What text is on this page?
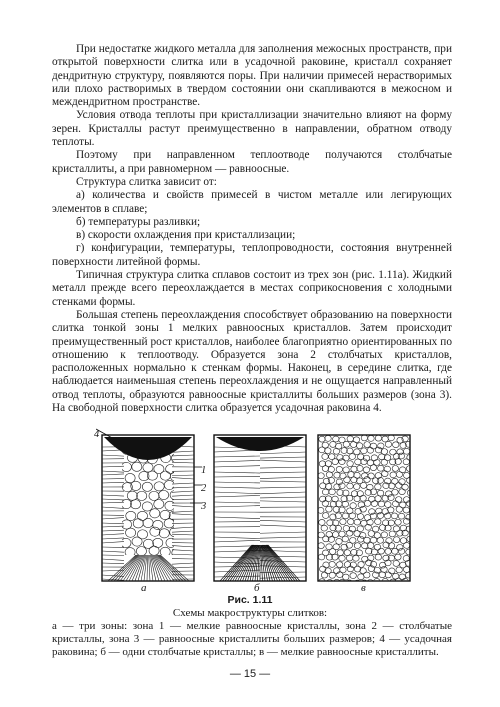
При недостатке жидкого металла для заполнения межосных пространств, при открытой поверхности слитка или в усадочной раковине, кристалл сохраняет дендритную структуру, появляются поры. При наличии примесей нерастворимых или плохо растворимых в твердом состоянии они скапливаются в межосном и междендритном пространстве.

Условия отвода теплоты при кристаллизации значительно влияют на форму зерен. Кристаллы растут преимущественно в направлении, обратном отводу теплоты.

Поэтому при направленном теплоотводе получаются столбчатые кристаллиты, а при равномерном — равноосные.

Структура слитка зависит от:

а) количества и свойств примесей в чистом металле или легирующих элементов в сплаве;

б) температуры разливки;

в) скорости охлаждения при кристаллизации;

г) конфигурации, температуры, теплопроводности, состояния внутренней поверхности литейной формы.

Типичная структура слитка сплавов состоит из трех зон (рис. 1.11а). Жидкий металл прежде всего переохлаждается в местах соприкосновения с холодными стенками формы.

Большая степень переохлаждения способствует образованию на поверхности слитка тонкой зоны 1 мелких равноосных кристаллов. Затем происходит преимущественный рост кристаллов, наиболее благоприятно ориентированных по отношению к теплоотводу. Образуется зона 2 столбчатых кристаллов, расположенных нормально к стенкам формы. Наконец, в середине слитка, где наблюдается наименьшая степень переохлаждения и не ощущается направленный отвод теплоты, образуются равноосные кристаллиты больших размеров (зона 3). На свободной поверхности слитка образуется усадочная раковина 4.

4
1
2
3
а	б	в
Рис. 1.11
Схемы макроструктуры слитков:
а — три зоны: зона 1 — мелкие равноосные кристаллы, зона 2 — столбчатые кристаллы, зона 3 — равноосные кристаллиты больших размеров; 4 — усадочная раковина; б — одни столбчатые кристаллы; в — мелкие равноосные кристаллиты.
— 15 —
